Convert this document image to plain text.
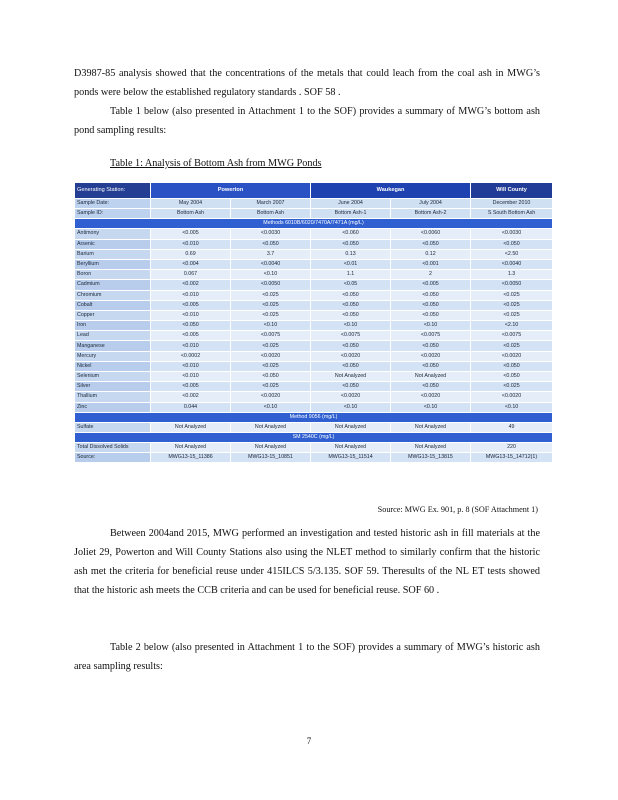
D3987-85 analysis showed that the concentrations of the metals that could leach from the coal ash in MWG’s ponds were below the established regulatory standards . SOF 58 .

Table 1 below (also presented in Attachment 1 to the SOF) provides a summary of MWG’s bottom ash pond sampling results:

Table 1: Analysis of Bottom Ash from MWG Ponds
Generating Station:	Powerton		Waukegan		Will County
Sample Date:	May 2004	March 2007	June 2004	July 2004	December 2010
Sample ID:	Bottom Ash	Bottom Ash	Bottom Ash-1	Bottom Ash-2	S South Bottom Ash
Methods 6010B/6020/7470A/7471A (mg/L)					
Antimony	<0.005	<0.0030	<0.060	<0.0060	<0.0030
Arsenic	<0.010	<0.050	<0.050	<0.050	<0.050
Barium	0.69	3.7	0.13	0.12	<2.50
Beryllium	<0.004	<0.0040	<0.01	<0.001	<0.0040
Boron	0.067	<0.10	1.1	2	1.3
Cadmium	<0.002	<0.0050	<0.05	<0.005	<0.0050
Chromium	<0.010	<0.025	<0.050	<0.050	<0.025
Cobalt	<0.005	<0.025	<0.050	<0.050	<0.025
Copper	<0.010	<0.025	<0.050	<0.050	<0.025
Iron	<0.050	<0.10	<0.10	<0.10	<2.10
Lead	<0.005	<0.0075	<0.0075	<0.0075	<0.0075
Manganese	<0.010	<0.025	<0.050	<0.050	<0.025
Mercury	<0.0002	<0.0020	<0.0020	<0.0020	<0.0020
Nickel	<0.010	<0.025	<0.050	<0.050	<0.050
Selenium	<0.010	<0.050	Not Analyzed	Not Analyzed	<0.050
Silver	<0.005	<0.025	<0.050	<0.050	<0.025
Thallium	<0.002	<0.0020	<0.0020	<0.0020	<0.0020
Zinc	0.044	<0.10	<0.10	<0.10	<0.10
Method 9056 (mg/L)					
Sulfate	Not Analyzed	Not Analyzed	Not Analyzed	Not Analyzed	49
SM 2540C (mg/L)					
Total Dissolved Solids	Not Analyzed	Not Analyzed	Not Analyzed	Not Analyzed	220
Source:	MWG13-15_11386	MWG13-15_10851	MWG13-15_11514	MWG13-15_13815	MWG13-15_14712(1)
Source: MWG Ex. 901, p. 8 (SOF Attachment 1)

Between 2004and 2015, MWG performed an investigation and tested historic ash in fill materials at the Joliet 29, Powerton and Will County Stations also using the NLET method to similarly confirm that the historic ash met the criteria for beneficial reuse under 415ILCS 5/3.135. SOF 59. Theresults of the NL ET tests showed that the historic ash meets the CCB criteria and can be used for beneficial reuse. SOF 60 .

Table 2 below (also presented in Attachment 1 to the SOF) provides a summary of MWG’s historic ash area sampling results:

7
